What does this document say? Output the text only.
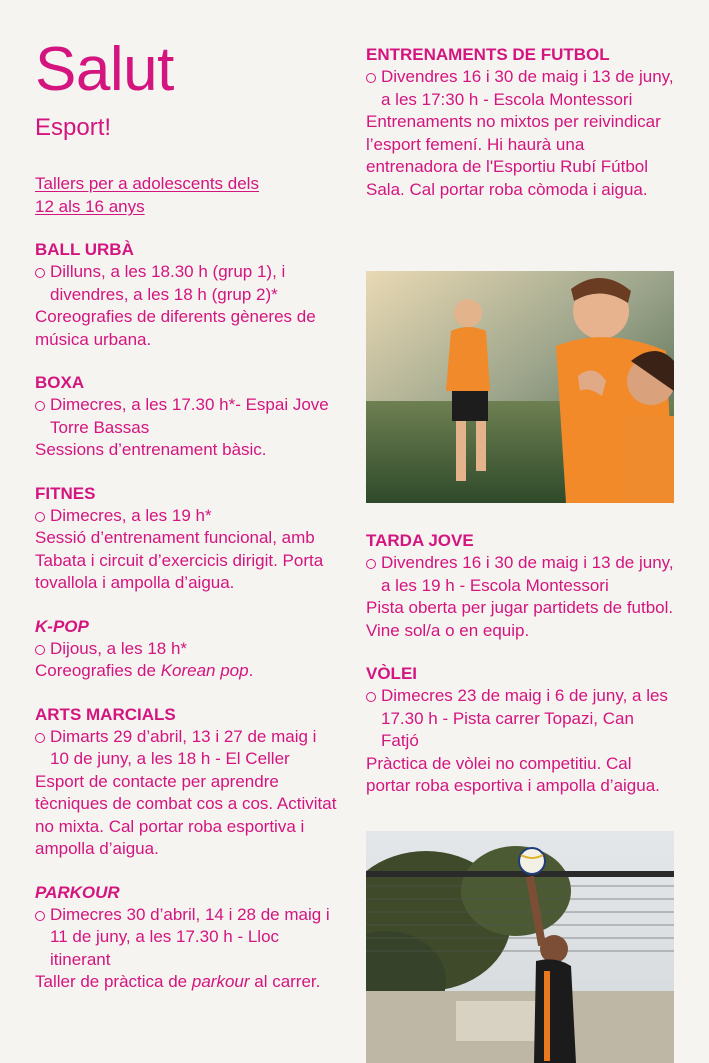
Salut
Esport!
Tallers per a adolescents dels
12 als 16 anys
BALL URBÀ
Dilluns, a les 18.30 h (grup 1), i divendres, a les 18 h (grup 2)*
Coreografies de diferents gèneres de música urbana.
BOXA
Dimecres, a les 17.30 h*- Espai Jove Torre Bassas
Sessions d’entrenament bàsic.
FITNES
Dimecres, a les 19 h*
Sessió d’entrenament funcional, amb Tabata i circuit d’exercicis dirigit. Porta tovallola i ampolla d’aigua.
K-POP
Dijous, a les 18 h*
Coreografies de Korean pop.
ARTS MARCIALS
Dimarts 29 d’abril, 13 i 27 de maig i 10 de juny, a les 18 h - El Celler
Esport de contacte per aprendre tècniques de combat cos a cos. Activitat no mixta. Cal portar roba esportiva i ampolla d’aigua.
PARKOUR
Dimecres 30 d’abril, 14 i 28 de maig i 11 de juny, a les 17.30 h - Lloc itinerant
Taller de pràctica de parkour al carrer.
ENTRENAMENTS DE FUTBOL
Divendres 16 i 30 de maig i 13 de juny, a les 17:30 h - Escola Montessori
Entrenaments no mixtos per reivindicar l’esport femení. Hi haurà una entrenadora de l'Esportiu Rubí Fútbol Sala. Cal portar roba còmoda i aigua.
TARDA JOVE
Divendres 16 i 30 de maig i 13 de juny, a les 19 h - Escola Montessori
Pista oberta per jugar partidets de futbol. Vine sol/a o en equip.
VÒLEI
Dimecres 23 de maig i 6 de juny, a les 17.30 h - Pista carrer Topazi, Can Fatjó
Pràctica de vòlei no competitiu. Cal portar roba esportiva i ampolla d’aigua.
